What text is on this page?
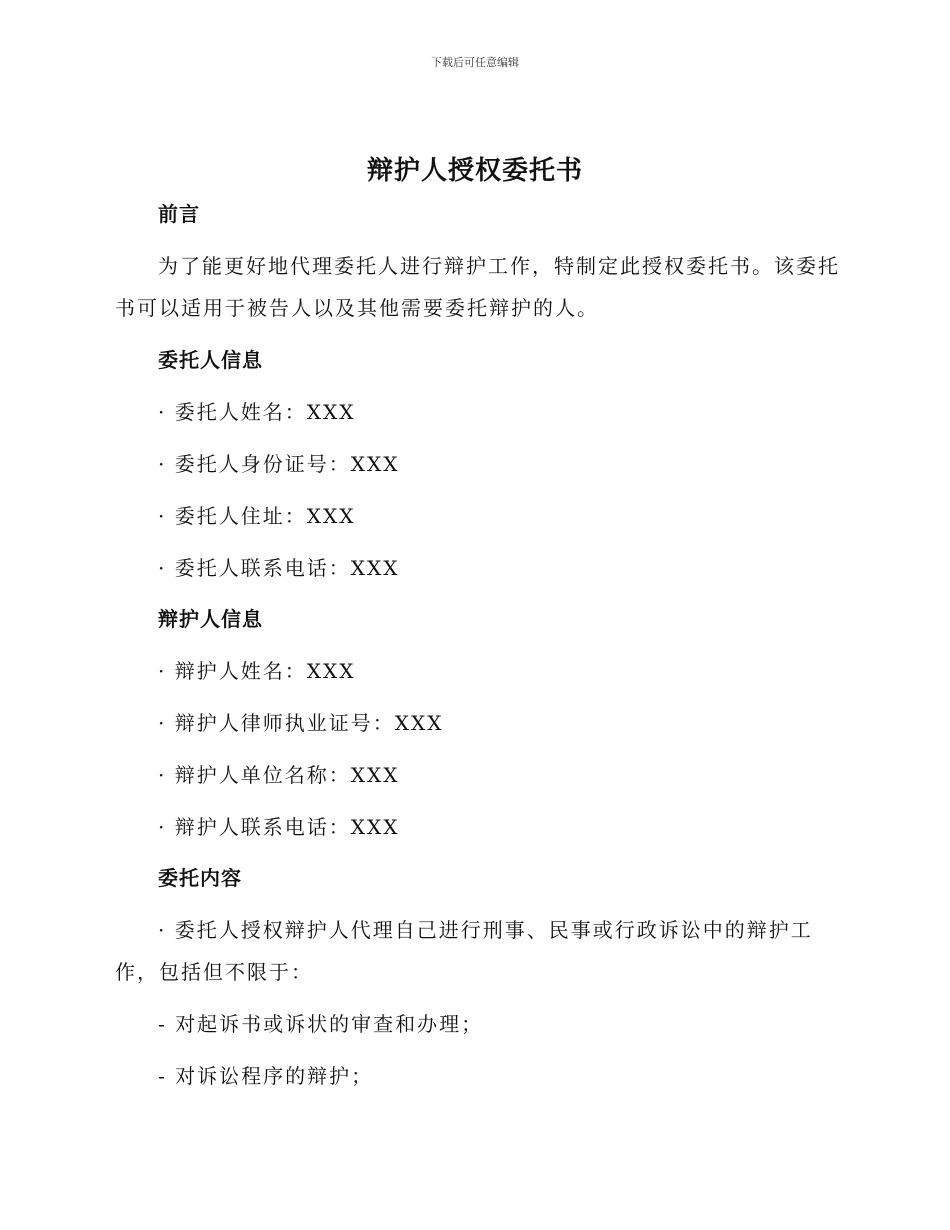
下载后可任意编辑
辩护人授权委托书
前言
为了能更好地代理委托人进行辩护工作，特制定此授权委托书。该委托
书可以适用于被告人以及其他需要委托辩护的人。
委托人信息
· 委托人姓名：XXX
· 委托人身份证号：XXX
· 委托人住址：XXX
· 委托人联系电话：XXX
辩护人信息
· 辩护人姓名：XXX
· 辩护人律师执业证号：XXX
· 辩护人单位名称：XXX
· 辩护人联系电话：XXX
委托内容
· 委托人授权辩护人代理自己进行刑事、民事或行政诉讼中的辩护工
作，包括但不限于：
- 对起诉书或诉状的审查和办理；
- 对诉讼程序的辩护；
